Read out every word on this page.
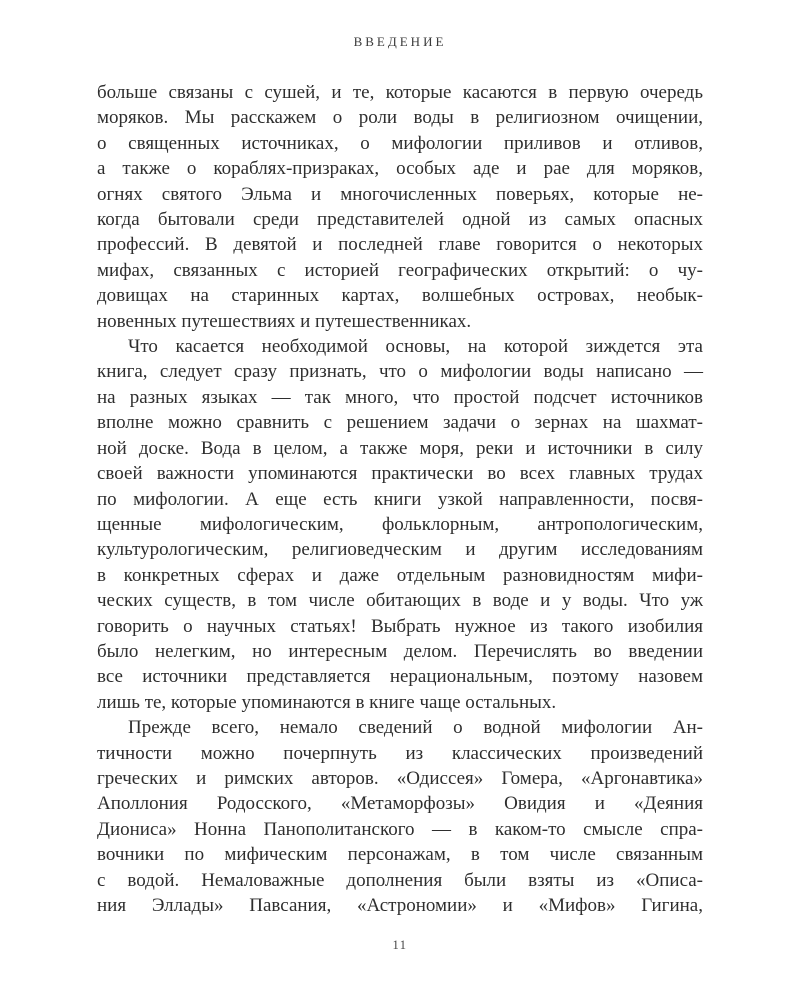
ВВЕДЕНИЕ
больше связаны с сушей, и те, которые касаются в первую очередь
моряков. Мы расскажем о роли воды в религиозном очищении,
о священных источниках, о мифологии приливов и отливов,
а также о кораблях-призраках, особых аде и рае для моряков,
огнях святого Эльма и многочисленных поверьях, которые не-
когда бытовали среди представителей одной из самых опасных
профессий. В девятой и последней главе говорится о некоторых
мифах, связанных с историей географических открытий: о чу-
довищах на старинных картах, волшебных островах, необык-
новенных путешествиях и путешественниках.
Что касается необходимой основы, на которой зиждется эта
книга, следует сразу признать, что о мифологии воды написано —
на разных языках — так много, что простой подсчет источников
вполне можно сравнить с решением задачи о зернах на шахмат-
ной доске. Вода в целом, а также моря, реки и источники в силу
своей важности упоминаются практически во всех главных трудах
по мифологии. А еще есть книги узкой направленности, посвя-
щенные мифологическим, фольклорным, антропологическим,
культурологическим, религиоведческим и другим исследованиям
в конкретных сферах и даже отдельным разновидностям мифи-
ческих существ, в том числе обитающих в воде и у воды. Что уж
говорить о научных статьях! Выбрать нужное из такого изобилия
было нелегким, но интересным делом. Перечислять во введении
все источники представляется нерациональным, поэтому назовем
лишь те, которые упоминаются в книге чаще остальных.
Прежде всего, немало сведений о водной мифологии Ан-
тичности можно почерпнуть из классических произведений
греческих и римских авторов. «Одиссея» Гомера, «Аргонавтика»
Аполлония Родосского, «Метаморфозы» Овидия и «Деяния
Диониса» Нонна Панополитанского — в каком-то смысле спра-
вочники по мифическим персонажам, в том числе связанным
с водой. Немаловажные дополнения были взяты из «Описа-
ния Эллады» Павсания, «Астрономии» и «Мифов» Гигина,
11
